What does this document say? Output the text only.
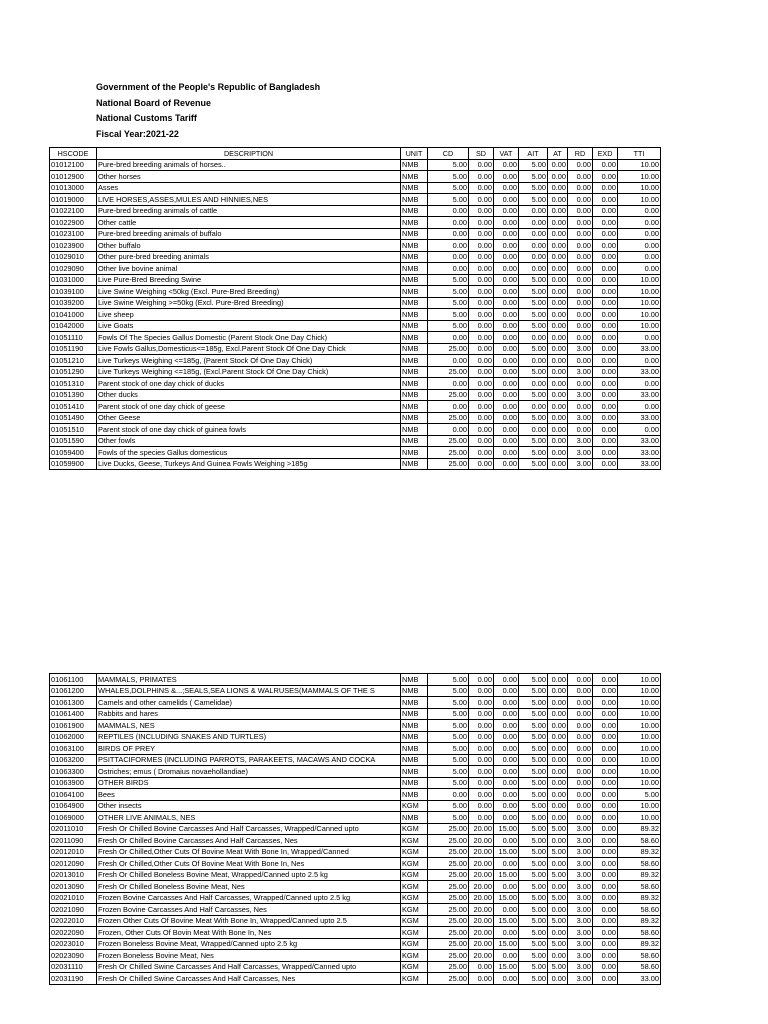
Government of the People's Republic of Bangladesh
National Board of Revenue
National Customs Tariff
Fiscal Year:2021-22
HSCODE	DESCRIPTION	UNIT	CD	SD	VAT	AIT	AT	RD	EXD	TTI
01012100	Pure-bred breeding animals of horses..	NMB	5.00	0.00	0.00	5.00	0.00	0.00	0.00	10.00
01012900	Other horses	NMB	5.00	0.00	0.00	5.00	0.00	0.00	0.00	10.00
01013000	Asses	NMB	5.00	0.00	0.00	5.00	0.00	0.00	0.00	10.00
01019000	LIVE HORSES,ASSES,MULES AND HINNIES,NES	NMB	5.00	0.00	0.00	5.00	0.00	0.00	0.00	10.00
01022100	Pure-bred breeding animals of cattle	NMB	0.00	0.00	0.00	0.00	0.00	0.00	0.00	0.00
01022900	Other cattle	NMB	0.00	0.00	0.00	0.00	0.00	0.00	0.00	0.00
01023100	Pure-bred breeding animals of buffalo	NMB	0.00	0.00	0.00	0.00	0.00	0.00	0.00	0.00
01023900	Other buffalo	NMB	0.00	0.00	0.00	0.00	0.00	0.00	0.00	0.00
01029010	Other pure-bred breeding animals	NMB	0.00	0.00	0.00	0.00	0.00	0.00	0.00	0.00
01029090	Other live bovine animal	NMB	0.00	0.00	0.00	0.00	0.00	0.00	0.00	0.00
01031000	Live Pure-Bred Breeding Swine	NMB	5.00	0.00	0.00	5.00	0.00	0.00	0.00	10.00
01039100	Live Swine Weighing <50kg (Excl. Pure-Bred Breeding)	NMB	5.00	0.00	0.00	5.00	0.00	0.00	0.00	10.00
01039200	Live Swine Weighing >=50kg (Excl. Pure-Bred Breeding)	NMB	5.00	0.00	0.00	5.00	0.00	0.00	0.00	10.00
01041000	Live sheep	NMB	5.00	0.00	0.00	5.00	0.00	0.00	0.00	10.00
01042000	Live Goats	NMB	5.00	0.00	0.00	5.00	0.00	0.00	0.00	10.00
01051110	Fowls Of The Species Gallus Domestic (Parent Stock One Day Chick)	NMB	0.00	0.00	0.00	0.00	0.00	0.00	0.00	0.00
01051190	Live Fowls Gallus,Domesticus<=185g, Excl.Parent Stock Of One Day Chick	NMB	25.00	0.00	0.00	5.00	0.00	3.00	0.00	33.00
01051210	Live Turkeys Weighing <=185g, (Parent Stock Of One Day Chick)	NMB	0.00	0.00	0.00	0.00	0.00	0.00	0.00	0.00
01051290	Live Turkeys Weighing <=185g, (Excl.Parent Stock Of One Day Chick)	NMB	25.00	0.00	0.00	5.00	0.00	3.00	0.00	33.00
01051310	Parent stock of one day chick of ducks	NMB	0.00	0.00	0.00	0.00	0.00	0.00	0.00	0.00
01051390	Other ducks	NMB	25.00	0.00	0.00	5.00	0.00	3.00	0.00	33.00
01051410	Parent stock of one day chick of geese	NMB	0.00	0.00	0.00	0.00	0.00	0.00	0.00	0.00
01051490	Other Geese	NMB	25.00	0.00	0.00	5.00	0.00	3.00	0.00	33.00
01051510	Parent stock of one day chick of guinea fowls	NMB	0.00	0.00	0.00	0.00	0.00	0.00	0.00	0.00
01051590	Other fowls	NMB	25.00	0.00	0.00	5.00	0.00	3.00	0.00	33.00
01059400	Fowls of the species Gallus domesticus	NMB	25.00	0.00	0.00	5.00	0.00	3.00	0.00	33.00
01059900	Live Ducks, Geese, Turkeys And Guinea Fowls Weighing >185g	NMB	25.00	0.00	0.00	5.00	0.00	3.00	0.00	33.00
01061100	MAMMALS, PRIMATES	NMB	5.00	0.00	0.00	5.00	0.00	0.00	0.00	10.00
01061200	WHALES,DOLPHINS &...;SEALS,SEA LIONS & WALRUSES(MAMMALS OF THE S	NMB	5.00	0.00	0.00	5.00	0.00	0.00	0.00	10.00
01061300	Camels and other camelids ( Camelidae)	NMB	5.00	0.00	0.00	5.00	0.00	0.00	0.00	10.00
01061400	Rabbits and hares	NMB	5.00	0.00	0.00	5.00	0.00	0.00	0.00	10.00
01061900	MAMMALS, NES	NMB	5.00	0.00	0.00	5.00	0.00	0.00	0.00	10.00
01062000	REPTILES (INCLUDING SNAKES AND TURTLES)	NMB	5.00	0.00	0.00	5.00	0.00	0.00	0.00	10.00
01063100	BIRDS OF PREY	NMB	5.00	0.00	0.00	5.00	0.00	0.00	0.00	10.00
01063200	PSITTACIFORMES (INCLUDING PARROTS, PARAKEETS, MACAWS AND COCKA	NMB	5.00	0.00	0.00	5.00	0.00	0.00	0.00	10.00
01063300	Ostriches; emus ( Dromaius novaehollandiae)	NMB	5.00	0.00	0.00	5.00	0.00	0.00	0.00	10.00
01063900	OTHER BIRDS	NMB	5.00	0.00	0.00	5.00	0.00	0.00	0.00	10.00
01064100	Bees	NMB	0.00	0.00	0.00	5.00	0.00	0.00	0.00	5.00
01064900	Other insects	KGM	5.00	0.00	0.00	5.00	0.00	0.00	0.00	10.00
01069000	OTHER LIVE ANIMALS, NES	NMB	5.00	0.00	0.00	5.00	0.00	0.00	0.00	10.00
02011010	Fresh Or Chilled Bovine Carcasses And Half Carcasses, Wrapped/Canned upto	KGM	25.00	20.00	15.00	5.00	5.00	3.00	0.00	89.32
02011090	Fresh Or Chilled Bovine Carcasses And Half Carcasses, Nes	KGM	25.00	20.00	0.00	5.00	0.00	3.00	0.00	58.60
02012010	Fresh Or Chilled,Other Cuts Of Bovine Meat With Bone In, Wrapped/Canned	KGM	25.00	20.00	15.00	5.00	5.00	3.00	0.00	89.32
02012090	Fresh Or Chilled,Other Cuts Of Bovine Meat With Bone In, Nes	KGM	25.00	20.00	0.00	5.00	0.00	3.00	0.00	58.60
02013010	Fresh Or Chilled Boneless Bovine Meat, Wrapped/Canned upto 2.5 kg	KGM	25.00	20.00	15.00	5.00	5.00	3.00	0.00	89.32
02013090	Fresh Or Chilled Boneless Bovine Meat, Nes	KGM	25.00	20.00	0.00	5.00	0.00	3.00	0.00	58.60
02021010	Frozen Bovine Carcasses And Half Carcasses, Wrapped/Canned upto 2.5 kg	KGM	25.00	20.00	15.00	5.00	5.00	3.00	0.00	89.32
02021090	Frozen Bovine Carcasses And Half Carcasses, Nes	KGM	25.00	20.00	0.00	5.00	0.00	3.00	0.00	58.60
02022010	Frozen Other Cuts Of Bovine Meat With Bone In, Wrapped/Canned upto 2.5	KGM	25.00	20.00	15.00	5.00	5.00	3.00	0.00	89.32
02022090	Frozen, Other Cuts Of Bovin Meat With Bone In, Nes	KGM	25.00	20.00	0.00	5.00	0.00	3.00	0.00	58.60
02023010	Frozen Boneless Bovine Meat, Wrapped/Canned upto 2.5 kg	KGM	25.00	20.00	15.00	5.00	5.00	3.00	0.00	89.32
02023090	Frozen Boneless Bovine Meat, Nes	KGM	25.00	20.00	0.00	5.00	0.00	3.00	0.00	58.60
02031110	Fresh Or Chilled Swine Carcasses And Half Carcasses, Wrapped/Canned upto	KGM	25.00	0.00	15.00	5.00	5.00	3.00	0.00	58.60
02031190	Fresh Or Chilled Swine Carcasses And Half Carcasses, Nes	KGM	25.00	0.00	0.00	5.00	0.00	3.00	0.00	33.00
